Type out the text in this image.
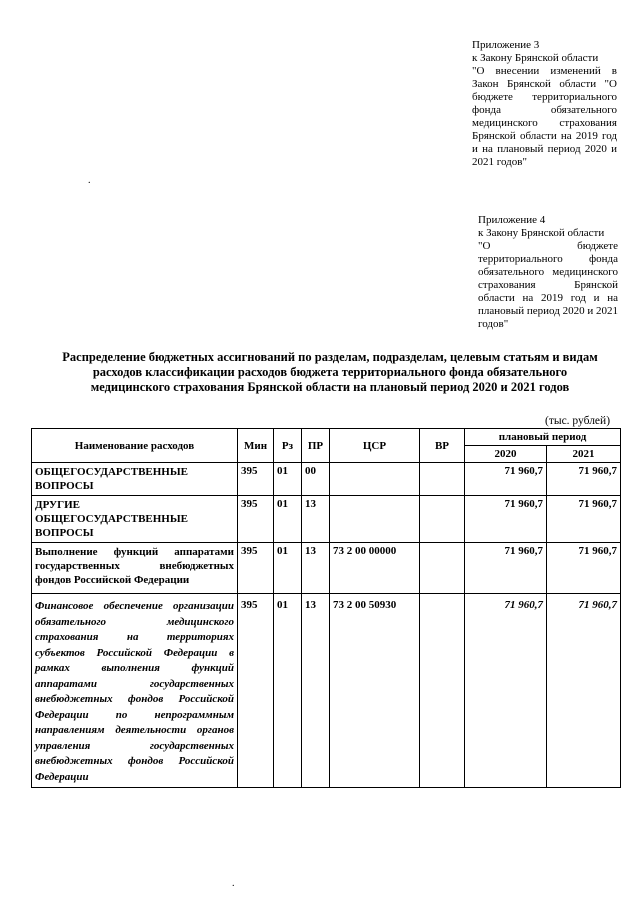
Приложение 3
к Закону Брянской области
"О внесении изменений в Закон Брянской области "О бюджете территориального фонда обязательного медицинского страхования Брянской области на 2019 год и на плановый период 2020 и 2021 годов"
Приложение 4
к Закону Брянской области
"О бюджете территориального фонда обязательного медицинского страхования Брянской области на 2019 год и на плановый период 2020 и 2021 годов"
.
Распределение бюджетных ассигнований по разделам, подразделам, целевым статьям и видам расходов классификации расходов бюджета территориального фонда обязательного медицинского страхования Брянской области на плановый период 2020 и 2021 годов
(тыс. рублей)
Наименование расходов	Мин	Рз	ПР	ЦСР	ВР	плановый период	
						2020	2021
ОБЩЕГОСУДАРСТВЕННЫЕ ВОПРОСЫ	395	01	00			71 960,7	71 960,7
ДРУГИЕ ОБЩЕГОСУДАРСТВЕННЫЕ ВОПРОСЫ	395	01	13			71 960,7	71 960,7
Выполнение функций аппаратами государственных внебюджетных фондов Российской Федерации	395	01	13	73 2 00 00000		71 960,7	71 960,7
Финансовое обеспечение организации обязательного медицинского страхования на территориях субъектов Российской Федерации в рамках выполнения функций аппаратами государственных внебюджетных фондов Российской Федерации по непрограммным направлениям деятельности органов управления государственных внебюджетных фондов Российской Федерации	395	01	13	73 2 00 50930		71 960,7	71 960,7
.
